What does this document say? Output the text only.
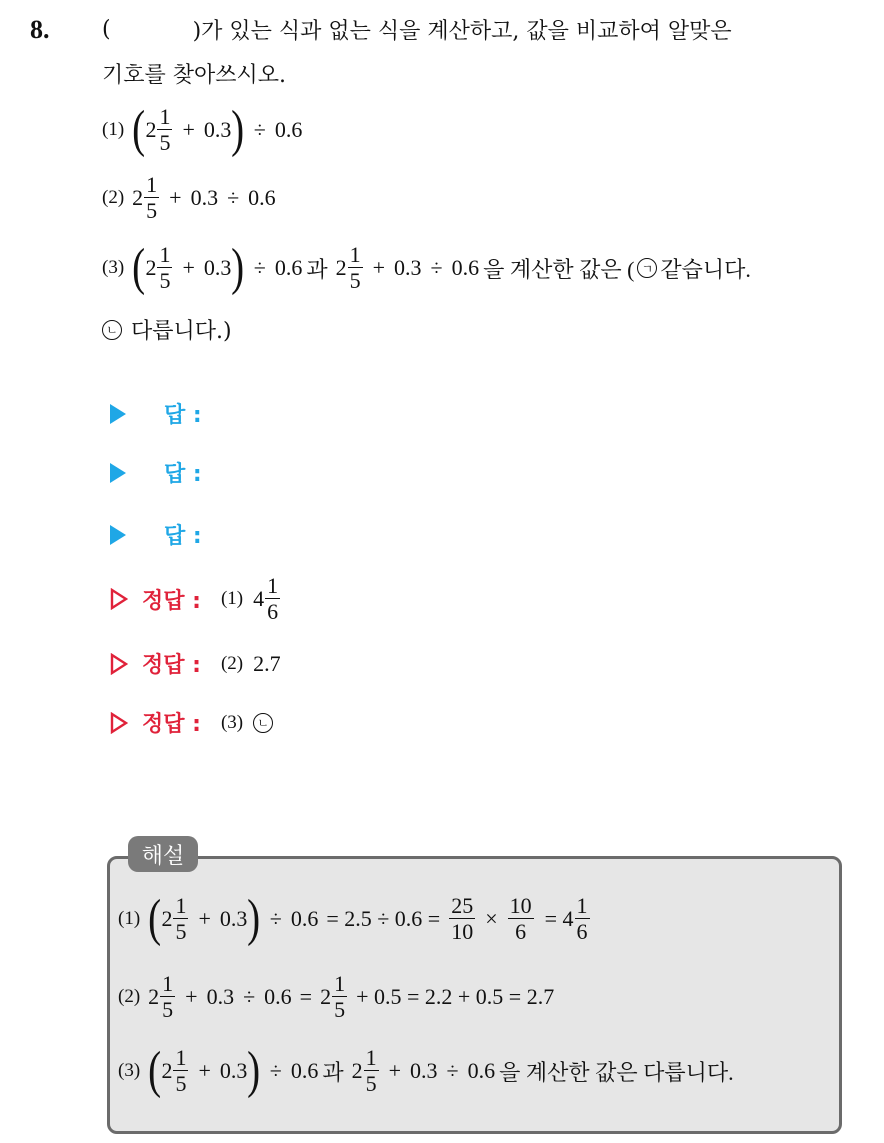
8.	(	)가 있는 식과 없는 식을 계산하고, 값을 비교하여 알맞은
기호를 찾아쓰시오.
(1) ( $2 \frac{1}{5} + 0.3$ ) ÷ 0.6
(2) $2 \frac{1}{5} + 0.3 \div 0.6$
(3) ( $2 \frac{1}{5} + 0.3$ ) ÷ 0.6 과 $2 \frac{1}{5} + 0.3 \div 0.6$ 을 계산한 값은 ( ㄱ 같습니다.
ㄴ 다릅니다.)
답 :
답 :
답 :
정답 : (1) $4 \frac{1}{6}$
정답 : (2) 2.7
정답 : (3)	ㄴ
해설
(1) ( $2 \frac{1}{5} + 0.3$ ) ÷ $0.6 = 2.5 \div 0.6 = \frac{25}{10} \times \frac{10}{6} = 4 \frac{1}{6}$
(2) $2 \frac{1}{5} + 0.3 \div 0.6 = 2 \frac{1}{5} + 0.5 = 2.2 + 0.5 = 2.7$
(3) ( $2 \frac{1}{5} + 0.3$ ) ÷ 0.6 과 $2 \frac{1}{5} + 0.3 \div 0.6$ 을 계산한 값은 다릅니다.
